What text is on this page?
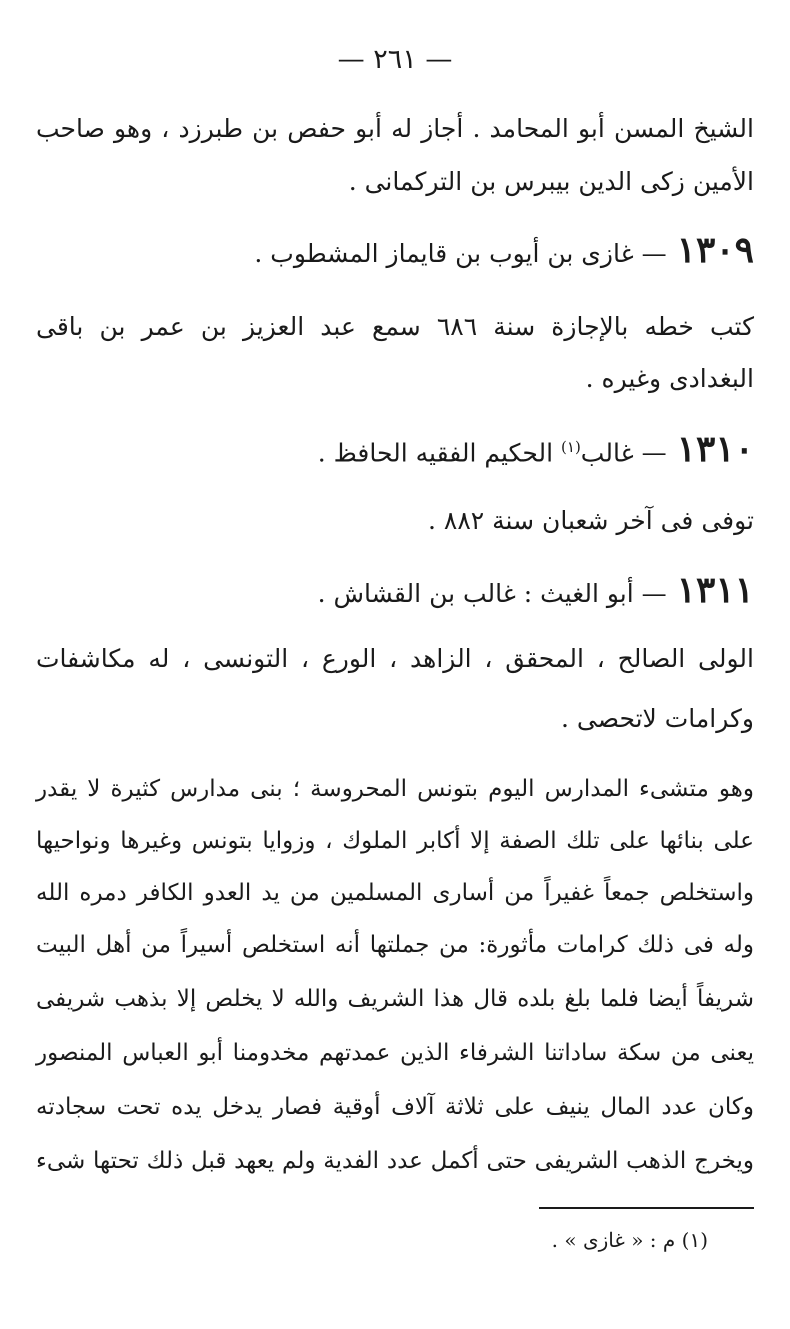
— ٢٦١ —
الشيخ المسن أبو المحامد . أجاز له أبو حفص بن طبرزد ، وهو صاحب
الأمين زكى الدين بيبرس بن التركمانى .
١٣٠٩—غازى بن أيوب بن قايماز المشطوب .
كتب خطه بالإجازة سنة ٦٨٦ سمع عبد العزيز بن عمر بن باقى
البغدادى وغيره .
١٣١٠—غالب$^{(١)}$ الحكيم الفقيه الحافظ .
توفى فى آخر شعبان سنة ٨٨٢ .
١٣١١—أبو الغيث : غالب بن القشاش .
الولى الصالح ، المحقق ، الزاهد ، الورع ، التونسى ، له مكاشفات
وكرامات لاتحصى .
وهو متشىء المدارس اليوم بتونس المحروسة ؛ بنى مدارس كثيرة لا يقدر
على بنائها على تلك الصفة إلا أكابر الملوك ، وزوايا بتونس وغيرها ونواحيها
واستخلص جمعاً غفيراً من أسارى المسلمين من يد العدو الكافر دمره الله
وله فى ذلك كرامات مأثورة: من جملتها أنه استخلص أسيراً من أهل البيت
شريفاً أيضا فلما بلغ بلده قال هذا الشريف والله لا يخلص إلا بذهب شريفى
يعنى من سكة ساداتنا الشرفاء الذين عمدتهم مخدومنا أبو العباس المنصور
وكان عدد المال ينيف على ثلاثة آلاف أوقية فصار يدخل يده تحت سجادته
ويخرج الذهب الشريفى حتى أكمل عدد الفدية ولم يعهد قبل ذلك تحتها شىء
(١) م : « غازى » .
